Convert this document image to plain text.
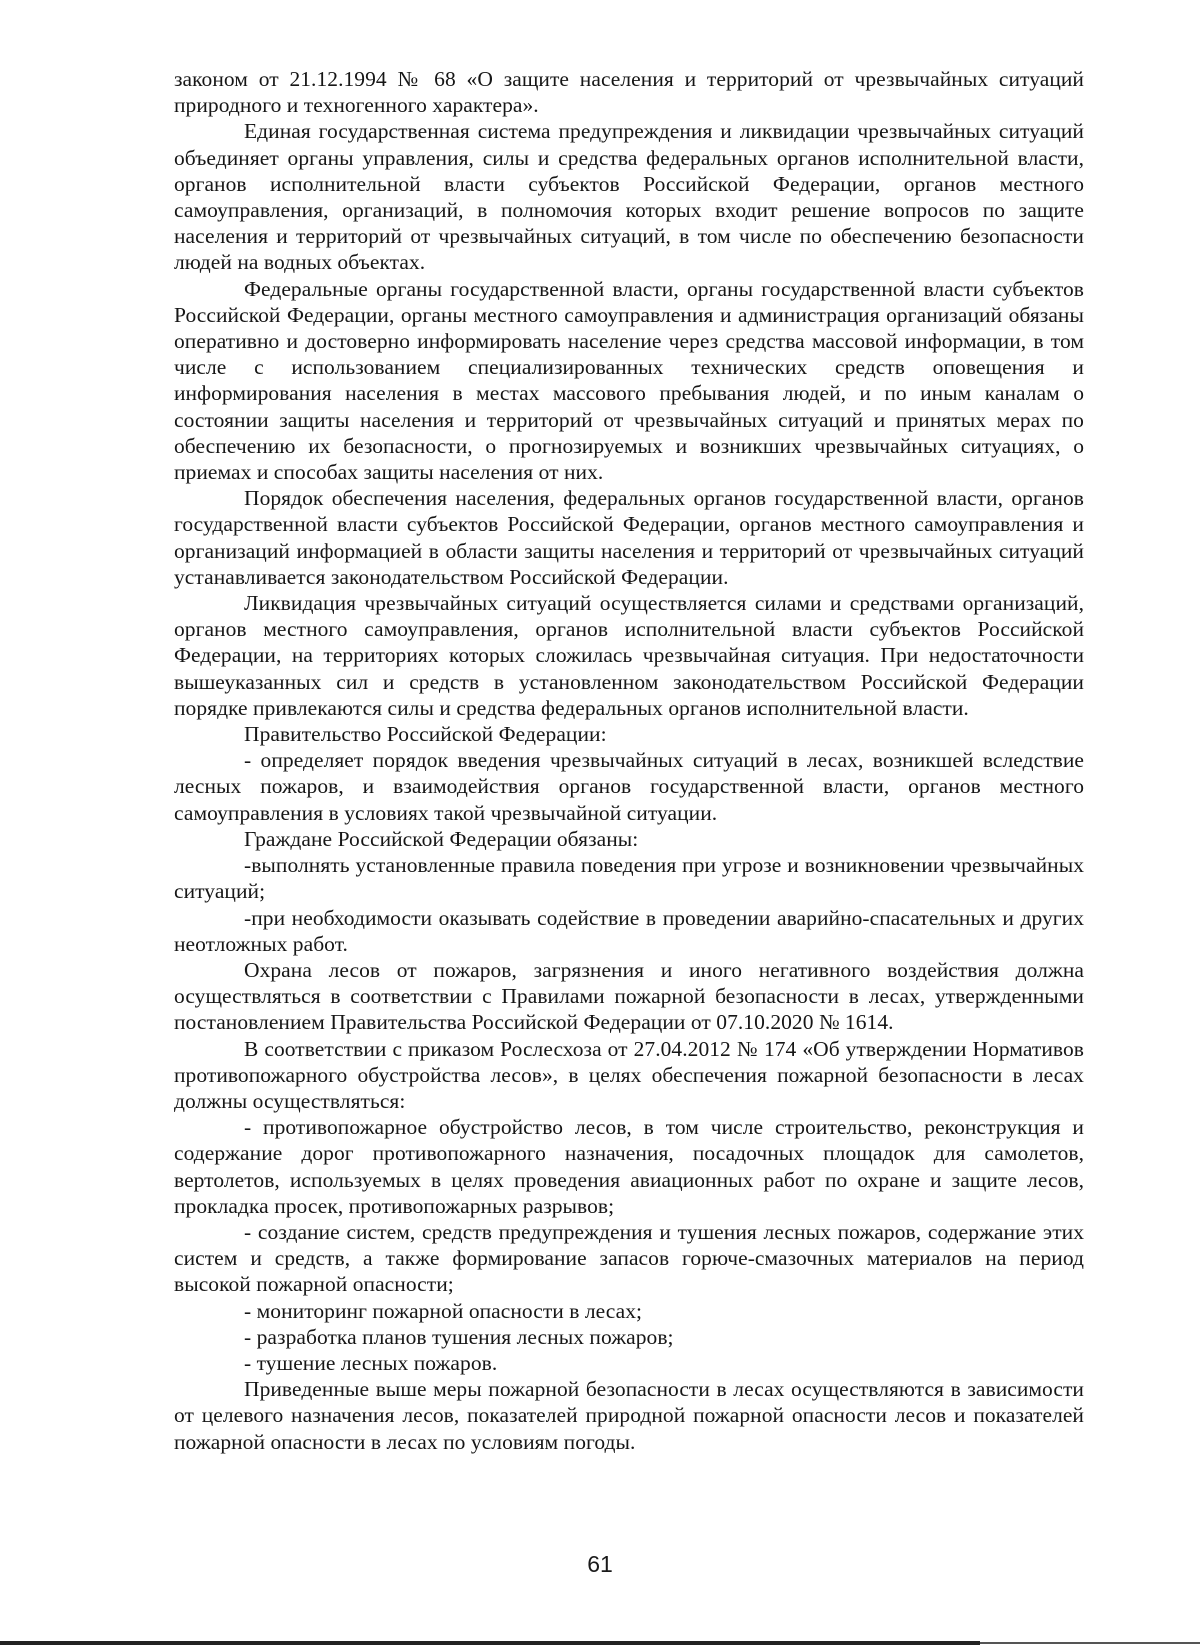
законом от 21.12.1994 № 68 «О защите населения и территорий от чрезвычайных ситуаций природного и техногенного характера».

Единая государственная система предупреждения и ликвидации чрезвычайных ситуаций объединяет органы управления, силы и средства федеральных органов исполнительной власти, органов исполнительной власти субъектов Российской Федерации, органов местного самоуправления, организаций, в полномочия которых входит решение вопросов по защите населения и территорий от чрезвычайных ситуаций, в том числе по обеспечению безопасности людей на водных объектах.

Федеральные органы государственной власти, органы государственной власти субъектов Российской Федерации, органы местного самоуправления и администрация организаций обязаны оперативно и достоверно информировать население через средства массовой информации, в том числе с использованием специализированных технических средств оповещения и информирования населения в местах массового пребывания людей, и по иным каналам о состоянии защиты населения и территорий от чрезвычайных ситуаций и принятых мерах по обеспечению их безопасности, о прогнозируемых и возникших чрезвычайных ситуациях, о приемах и способах защиты населения от них.

Порядок обеспечения населения, федеральных органов государственной власти, органов государственной власти субъектов Российской Федерации, органов местного самоуправления и организаций информацией в области защиты населения и территорий от чрезвычайных ситуаций устанавливается законодательством Российской Федерации.

Ликвидация чрезвычайных ситуаций осуществляется силами и средствами организаций, органов местного самоуправления, органов исполнительной власти субъектов Российской Федерации, на территориях которых сложилась чрезвычайная ситуация. При недостаточности вышеуказанных сил и средств в установленном законодательством Российской Федерации порядке привлекаются силы и средства федеральных органов исполнительной власти.

Правительство Российской Федерации:

- определяет порядок введения чрезвычайных ситуаций в лесах, возникшей вследствие лесных пожаров, и взаимодействия органов государственной власти, органов местного самоуправления в условиях такой чрезвычайной ситуации.

Граждане Российской Федерации обязаны:

-выполнять установленные правила поведения при угрозе и возникновении чрезвычайных ситуаций;

-при необходимости оказывать содействие в проведении аварийно-спасательных и других неотложных работ.

Охрана лесов от пожаров, загрязнения и иного негативного воздействия должна осуществляться в соответствии с Правилами пожарной безопасности в лесах, утвержденными постановлением Правительства Российской Федерации от 07.10.2020 № 1614.

В соответствии с приказом Рослесхоза от 27.04.2012 № 174 «Об утверждении Нормативов противопожарного обустройства лесов», в целях обеспечения пожарной безопасности в лесах должны осуществляться:

- противопожарное обустройство лесов, в том числе строительство, реконструкция и содержание дорог противопожарного назначения, посадочных площадок для самолетов, вертолетов, используемых в целях проведения авиационных работ по охране и защите лесов, прокладка просек, противопожарных разрывов;

- создание систем, средств предупреждения и тушения лесных пожаров, содержание этих систем и средств, а также формирование запасов горюче-смазочных материалов на период высокой пожарной опасности;

- мониторинг пожарной опасности в лесах;

- разработка планов тушения лесных пожаров;

- тушение лесных пожаров.

Приведенные выше меры пожарной безопасности в лесах осуществляются в зависимости от целевого назначения лесов, показателей природной пожарной опасности лесов и показателей пожарной опасности в лесах по условиям погоды.

61
